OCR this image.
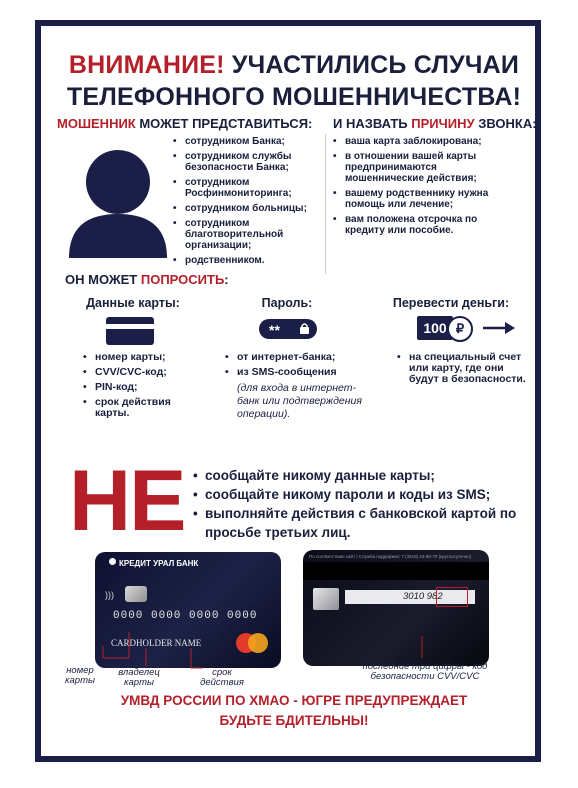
ВНИМАНИЕ! УЧАСТИЛИСЬ СЛУЧАИ
ТЕЛЕФОННОГО МОШЕННИЧЕСТВА!
МОШЕННИК МОЖЕТ ПРЕДСТАВИТЬСЯ: И НАЗВАТЬ ПРИЧИНУ ЗВОНКА:
• сотрудником Банка;
• сотрудником службы безопасности Банка;
• сотрудником Росфинмониторинга;
• сотрудником больницы;
• сотрудником благотворительной организации;
• родственником.
• ваша карта заблокирована;
• в отношении вашей карты предпринимаются мошеннические действия;
• вашему родственнику нужна помощь или лечение;
• вам положена отсрочка по кредиту или пособие.
ОН МОЖЕТ ПОПРОСИТЬ:
Данные карты:	Пароль:	Перевести деньги:
**	100 ₽
• номер карты;
• CVV/CVC-код;
• PIN-код;
• срок действия карты.
• от интернет-банка;
• из SMS-сообщения
(для входа в интернет-банк или подтверждения операции).
• на специальный счет или карту, где они будут в безопасности.
НЕ
•	сообщайте никому данные карты;
• сообщайте никому пароли и коды из SMS;
• выполняйте действия с банковской картой по просьбе третьих лиц.
КРЕДИТ УРАЛ БАНК
)))
0000 0000 0000 0000
CARDHOLDER NAME
По соответствию сайт | Служба поддержки: 7 (3519) 24-60-70 (круглосуточно)
3010 982
номер карты
владелец карты
срок действия
последние три цифры - код безопасности CVV/CVC
УМВД РОССИИ ПО ХМАО - ЮГРЕ ПРЕДУПРЕЖДАЕТ
БУДЬТЕ БДИТЕЛЬНЫ!
